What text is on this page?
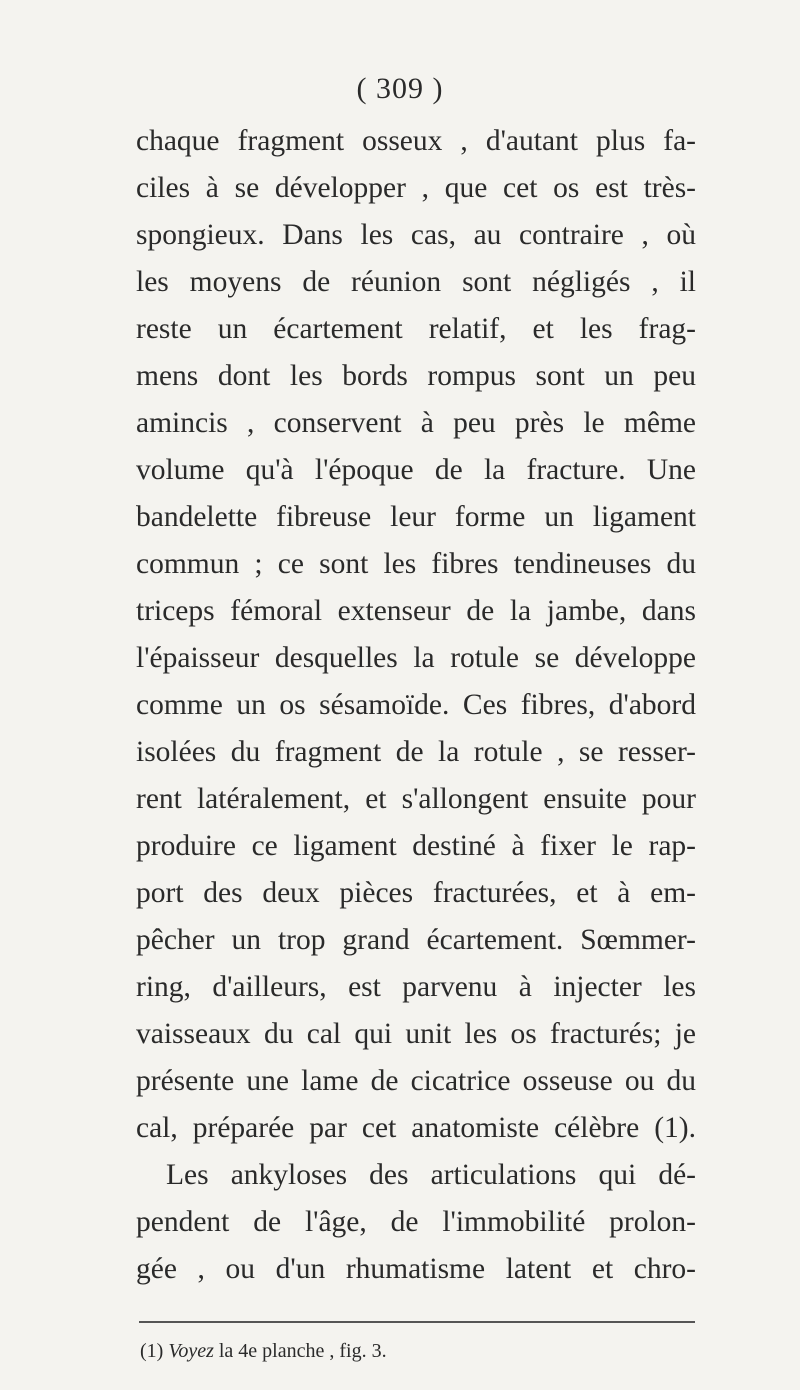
( 309 )
chaque fragment osseux , d'autant plus fa-
ciles à se développer , que cet os est très-
spongieux. Dans les cas, au contraire , où
les moyens de réunion sont négligés , il
reste un écartement relatif, et les frag-
mens dont les bords rompus sont un peu
amincis , conservent à peu près le même
volume qu'à l'époque de la fracture. Une
bandelette fibreuse leur forme un ligament
commun ; ce sont les fibres tendineuses du
triceps fémoral extenseur de la jambe, dans
l'épaisseur desquelles la rotule se développe
comme un os sésamoïde. Ces fibres, d'abord
isolées du fragment de la rotule , se resser-
rent latéralement, et s'allongent ensuite pour
produire ce ligament destiné à fixer le rap-
port des deux pièces fracturées, et à em-
pêcher un trop grand écartement. Sœmmer-
ring, d'ailleurs, est parvenu à injecter les
vaisseaux du cal qui unit les os fracturés; je
présente une lame de cicatrice osseuse ou du
cal, préparée par cet anatomiste célèbre (1).
Les ankyloses des articulations qui dé-
pendent de l'âge, de l'immobilité prolon-
gée , ou d'un rhumatisme latent et chro-
(1) Voyez la 4e planche , fig. 3.
